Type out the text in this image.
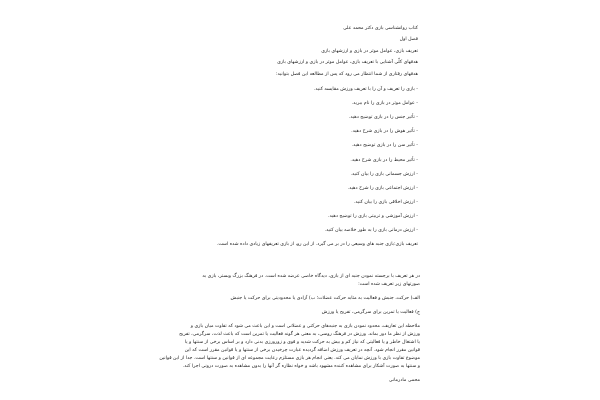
کتاب روانشناسی بازی دکتر محمد علی
فصل اول
تعریف بازی، عوامل موثر در بازی و ارزشهای بازی
هدفهای کلّی آشنایی با تعریف بازی، عوامل موثر در بازی و ارزشهای بازی
هدفهای رفتاری از شما انتظار می رود که پس از مطالعه این فصل بتوانید:
- بازی را تعریف و آن را با تعریف ورزش مقایسه کنید.
- عوامل موثر در بازی را نام ببرید.
- تأثیر جنس را در بازی توضیح دهید.
- تأثیر هوش را در بازی شرح دهید.
- تأثیر سن را در بازی توضیح دهید.
- تأثیر محیط را در بازی شرح دهید.
- ارزش جسمانی بازی را بیان کنید.
- ارزش اجتماعی بازی را شرح دهید.
- ارزش اخلاقی بازی را بیان کنید.
- ارزش آموزشی و تربیتی بازی را توضیح دهید.
- ارزش درمانی بازی را به طور خلاصه بیان کنید.
تعریف بازی:بازی جنبه های وسیعی را در بر می گیرد. از این رو، از بازی تعریفهای زیادی داده شده است.
در هر تعریف با برجسته نمودن جنبه ای از بازی، دیدگاه خاصی عرضه شده است. در فرهنگ بزرگ وبستر، بازی به
صورتهای زیر تعریف شده است:
الف) حرکت، جنبش و فعالیت به مثابه حرکت عضلات؛ ب) آزادی یا محدودیتی برای حرکت یا جنبش
ج) فعالیت یا تمرین برای سرگرمی، تفریح یا ورزش
ملاحظه این تعاریف، محدود نمودن بازی به جنبه‌های حرکتی و عضلانی است و این باعث می شود که تفاوت میان بازی و
ورزش از نظر ما دور بماند. ورزش در فرهنگ روسی، به معنی هر گونه فعالیت یا تمرین است که باعث لذت، سرگرمی، تفریح
یا اشتغال خاطر و یا فعالیتی که نیاز کم و بیش به حرکت شدید و قوی و زورورزی بدنی دارد و بر اساس برخی از سنتها و یا
قوانین مقرر انجام شود. آنچه در تعریف ورزش اضافه گردیده عبارت چرخیدن برخی از سنتها و یا قوانین مقرر است که این
موضوع تفاوت بازی با ورزش نمایان می کند. یعنی انجام هر بازی مستلزم رعایت مجموعه ای از قوانین و سنتها است. جدا از این قوانین
و سنتها به صورت آشکار برای مشاهده کننده مشهود باشد و خواه نظاره گر آنها را بدون مشاهده به صورت درونی اجرا کند.
محمی مادرمانی
